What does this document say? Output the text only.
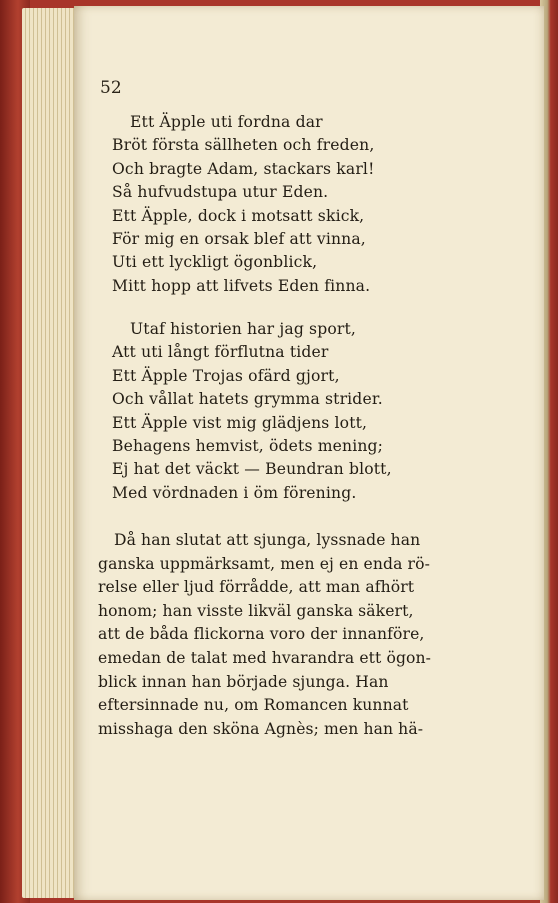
52
Ett Äpple uti fordna dar
Bröt första sällheten och freden,
Och bragte Adam, stackars karl!
Så hufvudstupa utur Eden.
Ett Äpple, dock i motsatt skick,
För mig en orsak blef att vinna,
Uti ett lyckligt ögonblick,
Mitt hopp att lifvets Eden finna.
Utaf historien har jag sport,
Att uti långt förflutna tider
Ett Äpple Trojas ofärd gjort,
Och vållat hatets grymma strider.
Ett Äpple vist mig glädjens lott,
Behagens hemvist, ödets mening;
Ej hat det väckt — Beundran blott,
Med vördnaden i öm förening.
Då han slutat att sjunga, lyssnade han
ganska uppmärksamt, men ej en enda rö-
relse eller ljud förrådde, att man afhört
honom; han visste likväl ganska säkert,
att de båda flickorna voro der innanföre,
emedan de talat med hvarandra ett ögon-
blick innan han började sjunga. Han
eftersinnade nu, om Romancen kunnat
misshaga den sköna Agnès; men han hä-
